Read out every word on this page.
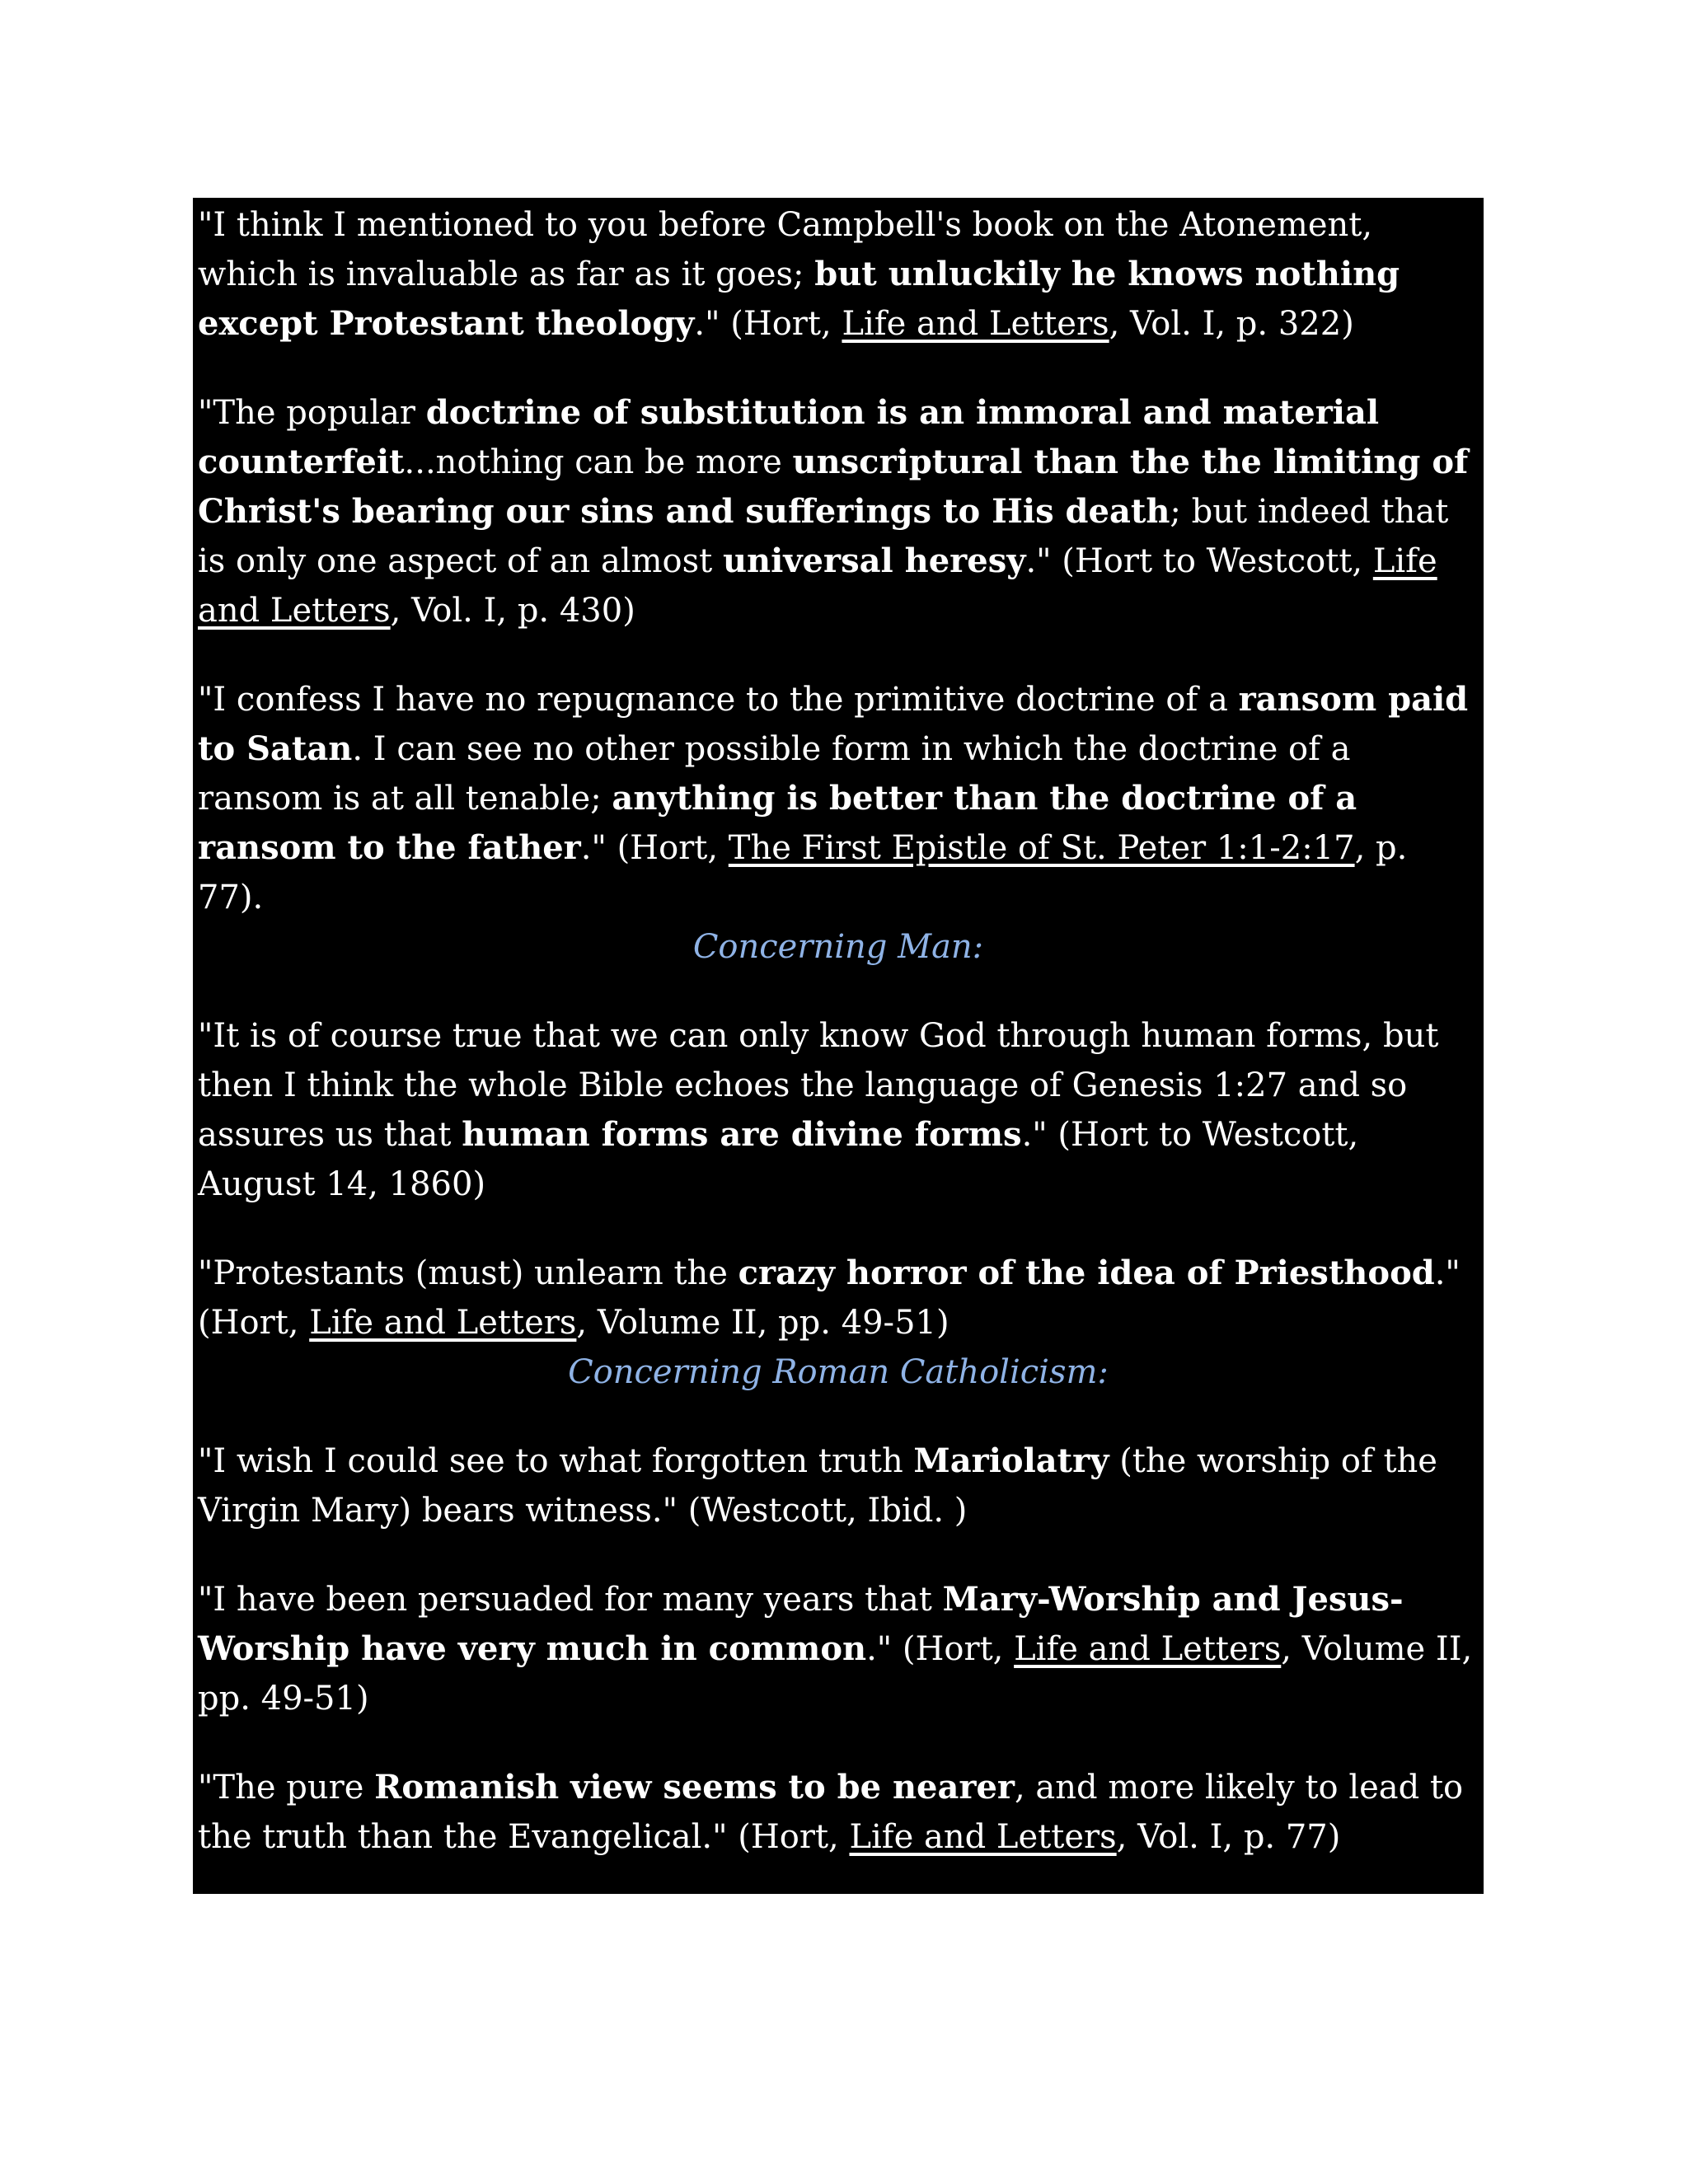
"I think I mentioned to you before Campbell's book on the Atonement, which is invaluable as far as it goes; but unluckily he knows nothing except Protestant theology." (Hort, Life and Letters, Vol. I, p. 322)

"The popular doctrine of substitution is an immoral and material counterfeit...nothing can be more unscriptural than the the limiting of Christ's bearing our sins and sufferings to His death; but indeed that is only one aspect of an almost universal heresy." (Hort to Westcott, Life and Letters, Vol. I, p. 430)

"I confess I have no repugnance to the primitive doctrine of a ransom paid to Satan. I can see no other possible form in which the doctrine of a ransom is at all tenable; anything is better than the doctrine of a ransom to the father." (Hort, The First Epistle of St. Peter 1:1-2:17, p. 77).

Concerning Man:

"It is of course true that we can only know God through human forms, but then I think the whole Bible echoes the language of Genesis 1:27 and so assures us that human forms are divine forms." (Hort to Westcott, August 14, 1860)

"Protestants (must) unlearn the crazy horror of the idea of Priesthood." (Hort, Life and Letters, Volume II, pp. 49-51)

Concerning Roman Catholicism:

"I wish I could see to what forgotten truth Mariolatry (the worship of the Virgin Mary) bears witness." (Westcott, Ibid. )

"I have been persuaded for many years that Mary-Worship and Jesus-Worship have very much in common." (Hort, Life and Letters, Volume II, pp. 49-51)

"The pure Romanish view seems to be nearer, and more likely to lead to the truth than the Evangelical." (Hort, Life and Letters, Vol. I, p. 77)
